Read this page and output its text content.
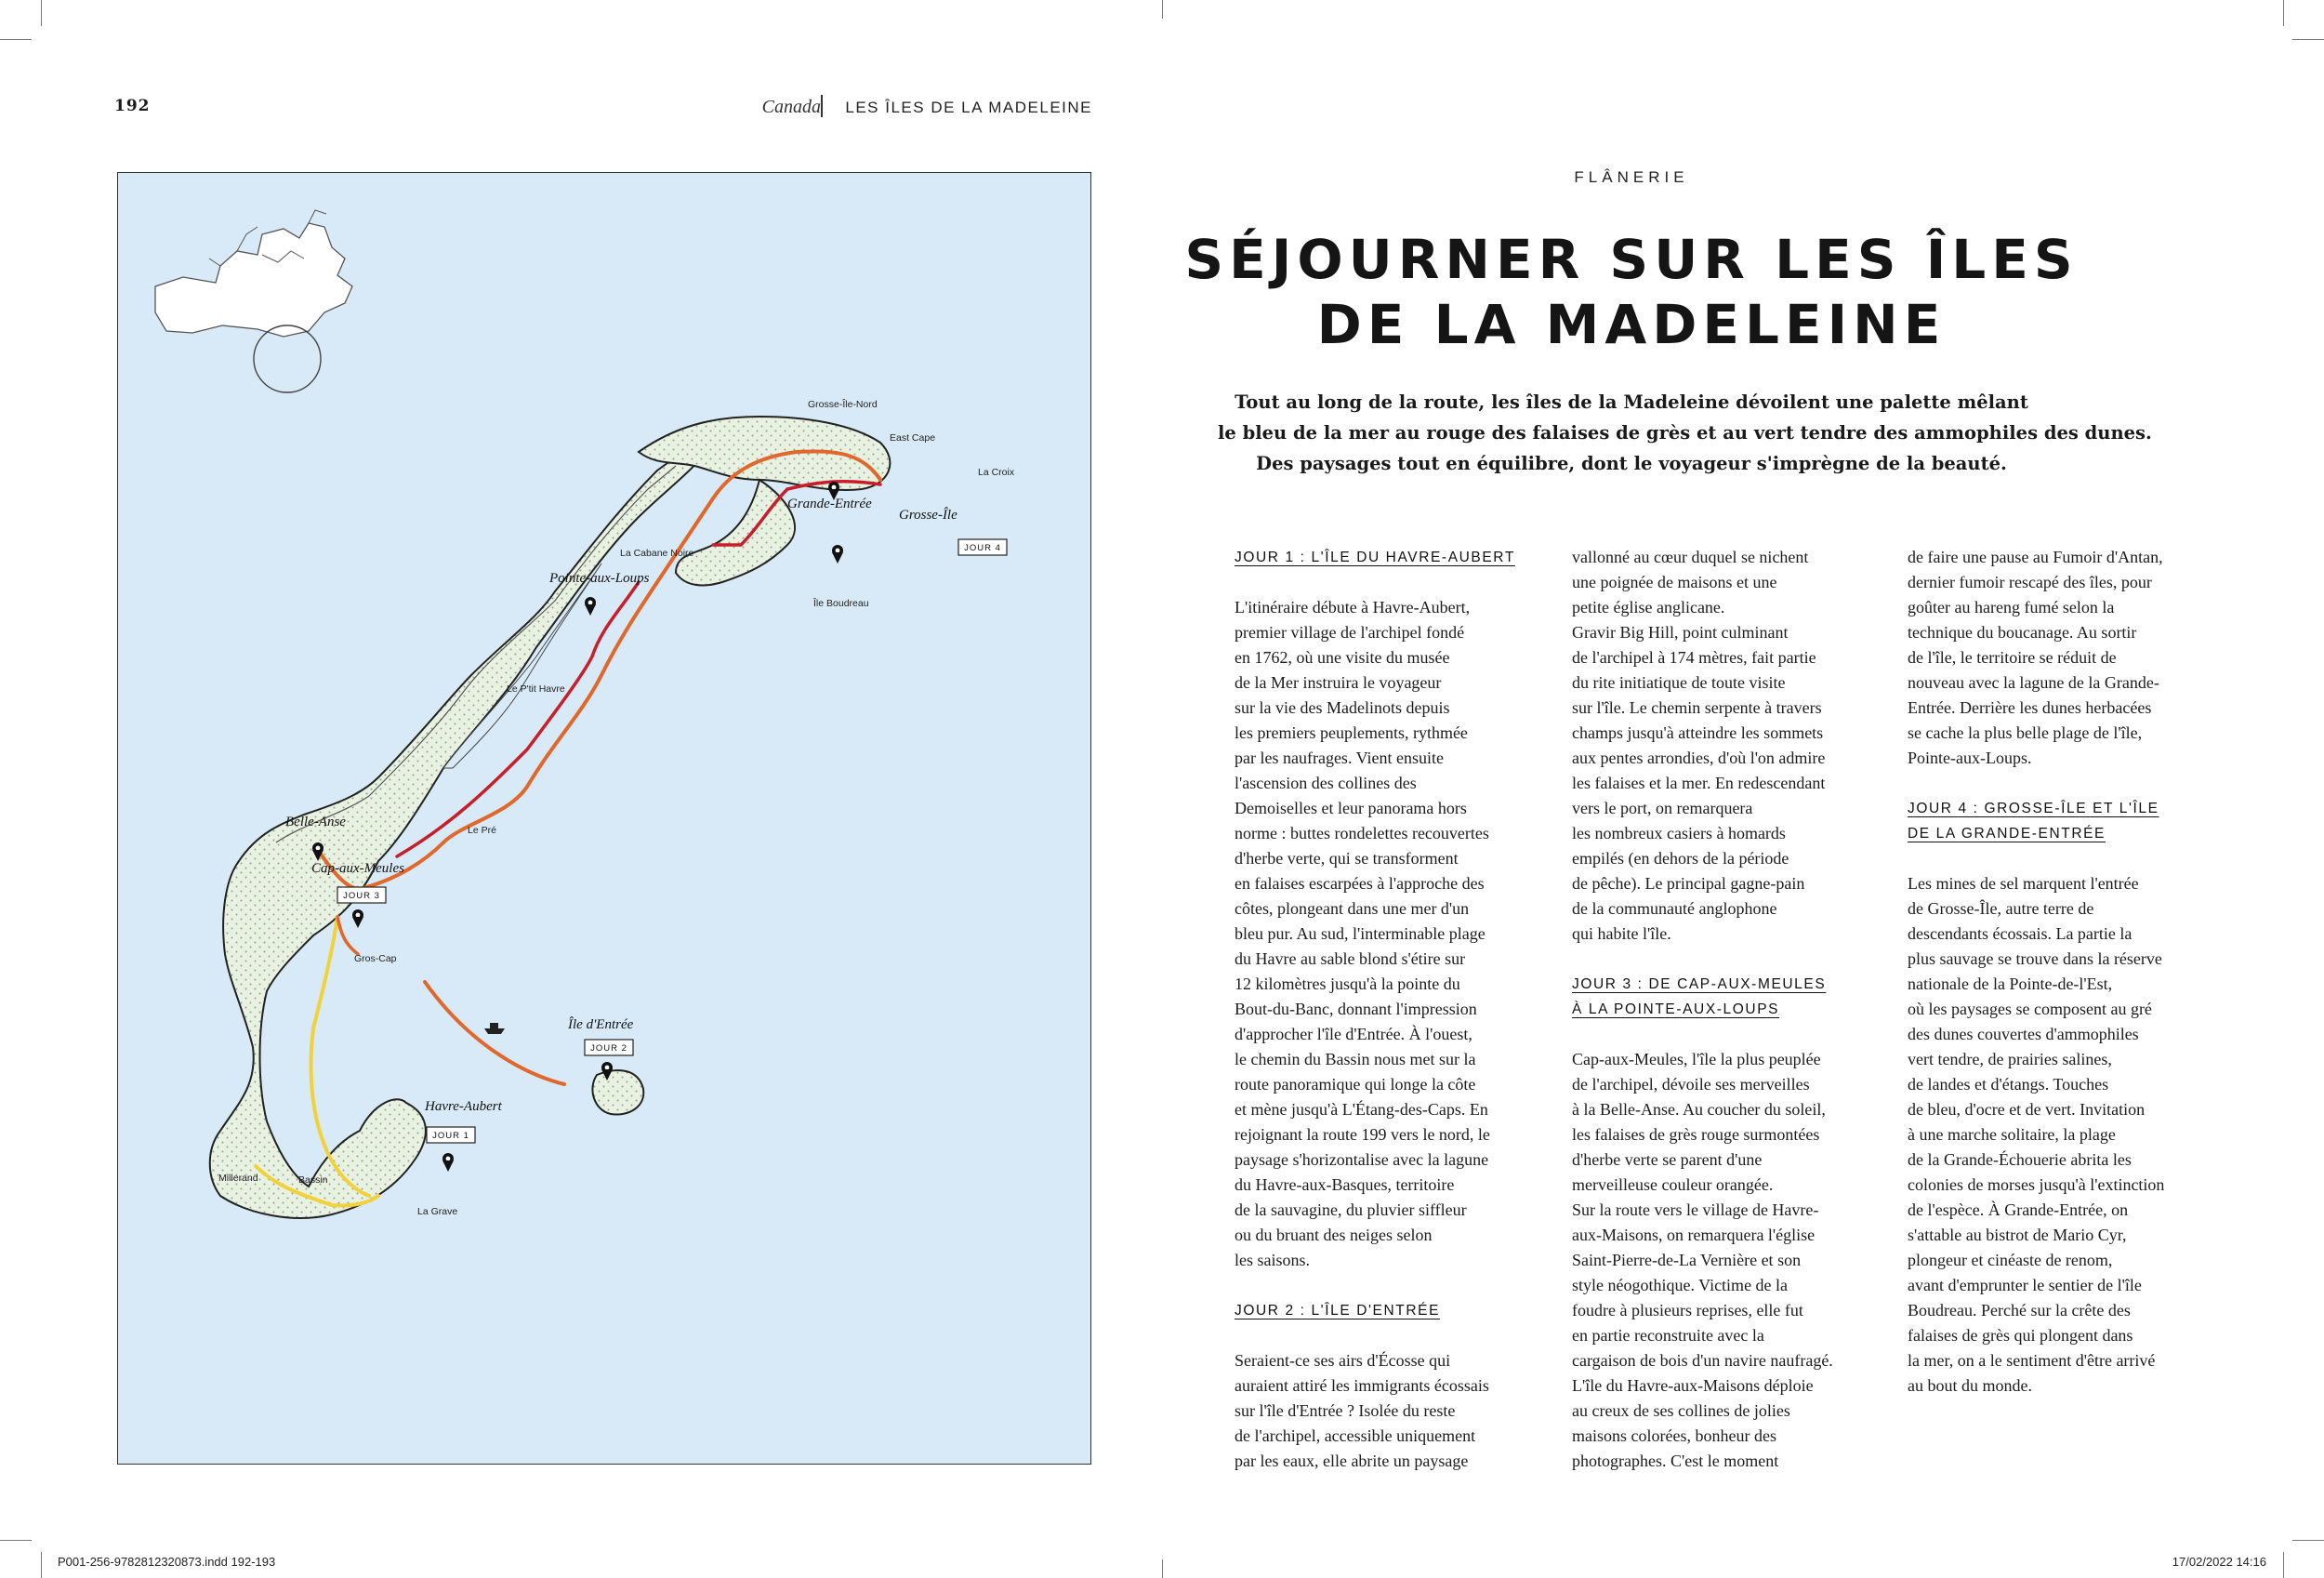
192	Canada LES ÎLES DE LA MADELEINE
Grosse-Île-Nord
East Cape
La Croix
La Cabane Noire
Île Boudreau
Le P'tit Havre
Le Pré
Gros-Cap
Millerand	Bassin
La Grave
Grande-Entrée
Grosse-Île
Pointe-aux-Loups
Belle-Anse
Cap-aux-Meules
Île d'Entrée
Havre-Aubert
JOUR 1
JOUR 2
JOUR 3
JOUR 4
FLÂNERIE
SÉJOURNER SUR LES ÎLES
DE LA MADELEINE
Tout au long de la route, les îles de la Madeleine dévoilent une palette mêlant
le bleu de la mer au rouge des falaises de grès et au vert tendre des ammophiles des dunes.
Des paysages tout en équilibre, dont le voyageur s'imprègne de la beauté.
JOUR 1 : L'ÎLE DU HAVRE-AUBERT
L'itinéraire débute à Havre-Aubert,
premier village de l'archipel fondé
en 1762, où une visite du musée
de la Mer instruira le voyageur
sur la vie des Madelinots depuis
les premiers peuplements, rythmée
par les naufrages. Vient ensuite
l'ascension des collines des
Demoiselles et leur panorama hors
norme : buttes rondelettes recouvertes
d'herbe verte, qui se transforment
en falaises escarpées à l'approche des
côtes, plongeant dans une mer d'un
bleu pur. Au sud, l'interminable plage
du Havre au sable blond s'étire sur
12 kilomètres jusqu'à la pointe du
Bout-du-Banc, donnant l'impression
d'approcher l'île d'Entrée. À l'ouest,
le chemin du Bassin nous met sur la
route panoramique qui longe la côte
et mène jusqu'à L'Étang-des-Caps. En
rejoignant la route 199 vers le nord, le
paysage s'horizontalise avec la lagune
du Havre-aux-Basques, territoire
de la sauvagine, du pluvier siffleur
ou du bruant des neiges selon
les saisons.
JOUR 2 : L'ÎLE D'ENTRÉE
Seraient-ce ses airs d'Écosse qui
auraient attiré les immigrants écossais
sur l'île d'Entrée ? Isolée du reste
de l'archipel, accessible uniquement
par les eaux, elle abrite un paysage
vallonné au cœur duquel se nichent
une poignée de maisons et une
petite église anglicane.
Gravir Big Hill, point culminant
de l'archipel à 174 mètres, fait partie
du rite initiatique de toute visite
sur l'île. Le chemin serpente à travers
champs jusqu'à atteindre les sommets
aux pentes arrondies, d'où l'on admire
les falaises et la mer. En redescendant
vers le port, on remarquera
les nombreux casiers à homards
empilés (en dehors de la période
de pêche). Le principal gagne-pain
de la communauté anglophone
qui habite l'île.
JOUR 3 : DE CAP-AUX-MEULES
À LA POINTE-AUX-LOUPS
Cap-aux-Meules, l'île la plus peuplée
de l'archipel, dévoile ses merveilles
à la Belle-Anse. Au coucher du soleil,
les falaises de grès rouge surmontées
d'herbe verte se parent d'une
merveilleuse couleur orangée.
Sur la route vers le village de Havre-
aux-Maisons, on remarquera l'église
Saint-Pierre-de-La Vernière et son
style néogothique. Victime de la
foudre à plusieurs reprises, elle fut
en partie reconstruite avec la
cargaison de bois d'un navire naufragé.
L'île du Havre-aux-Maisons déploie
au creux de ses collines de jolies
maisons colorées, bonheur des
photographes. C'est le moment
de faire une pause au Fumoir d'Antan,
dernier fumoir rescapé des îles, pour
goûter au hareng fumé selon la
technique du boucanage. Au sortir
de l'île, le territoire se réduit de
nouveau avec la lagune de la Grande-
Entrée. Derrière les dunes herbacées
se cache la plus belle plage de l'île,
Pointe-aux-Loups.
JOUR 4 : GROSSE-ÎLE ET L'ÎLE
DE LA GRANDE-ENTRÉE
Les mines de sel marquent l'entrée
de Grosse-Île, autre terre de
descendants écossais. La partie la
plus sauvage se trouve dans la réserve
nationale de la Pointe-de-l'Est,
où les paysages se composent au gré
des dunes couvertes d'ammophiles
vert tendre, de prairies salines,
de landes et d'étangs. Touches
de bleu, d'ocre et de vert. Invitation
à une marche solitaire, la plage
de la Grande-Échouerie abrita les
colonies de morses jusqu'à l'extinction
de l'espèce. À Grande-Entrée, on
s'attable au bistrot de Mario Cyr,
plongeur et cinéaste de renom,
avant d'emprunter le sentier de l'île
Boudreau. Perché sur la crête des
falaises de grès qui plongent dans
la mer, on a le sentiment d'être arrivé
au bout du monde.
P001-256-9782812320873.indd 192-193	17/02/2022 14:16
